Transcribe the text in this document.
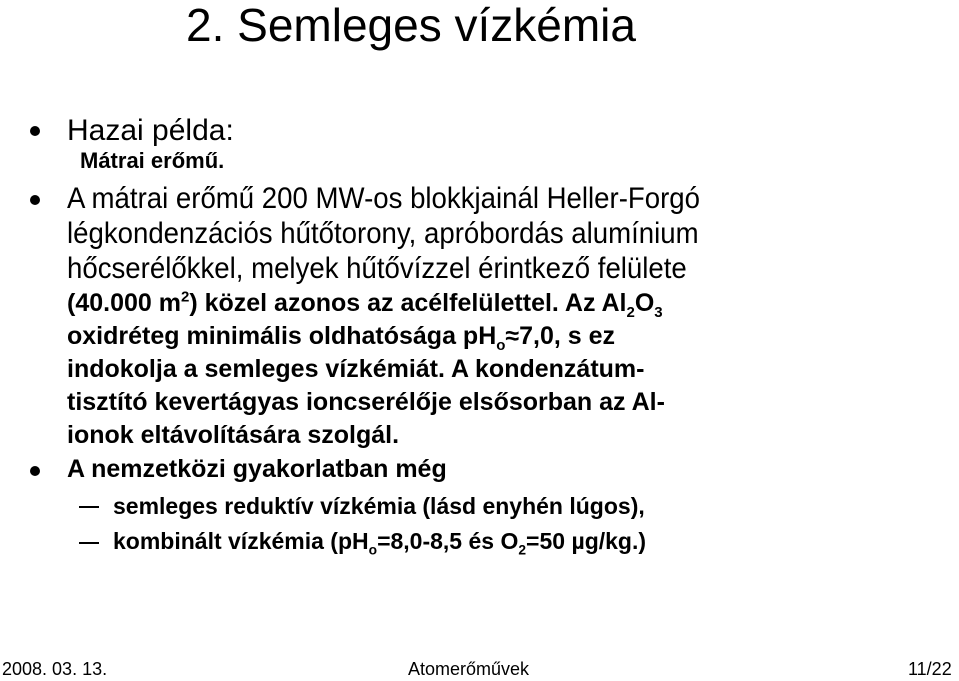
2. Semleges vízkémia
Hazai példa:
Mátrai erőmű.
A mátrai erőmű 200 MW-os blokkjainál Heller-Forgó
légkondenzációs hűtőtorony, apróbordás alumínium
hőcserélőkkel, melyek hűtővízzel érintkező felülete
(40.000 $m^2$) közel azonos az acélfelülettel. Az $Al_2O_3$
oxidréteg minimális oldhatósága $pH_o\approx 7,0$, s ez
indokolja a semleges vízkémiát. A kondenzátum-
tisztító kevertágyas ioncserélője elsősorban az Al-
ionok eltávolítására szolgál.
A nemzetközi gyakorlatban még
semleges reduktív vízkémia (lásd enyhén lúgos),
kombinált vízkémia ($pH_o=8,0-8,5$ és $O_2=50$ µg/kg.)
2008. 03. 13.	Atomerőművek	11/22
